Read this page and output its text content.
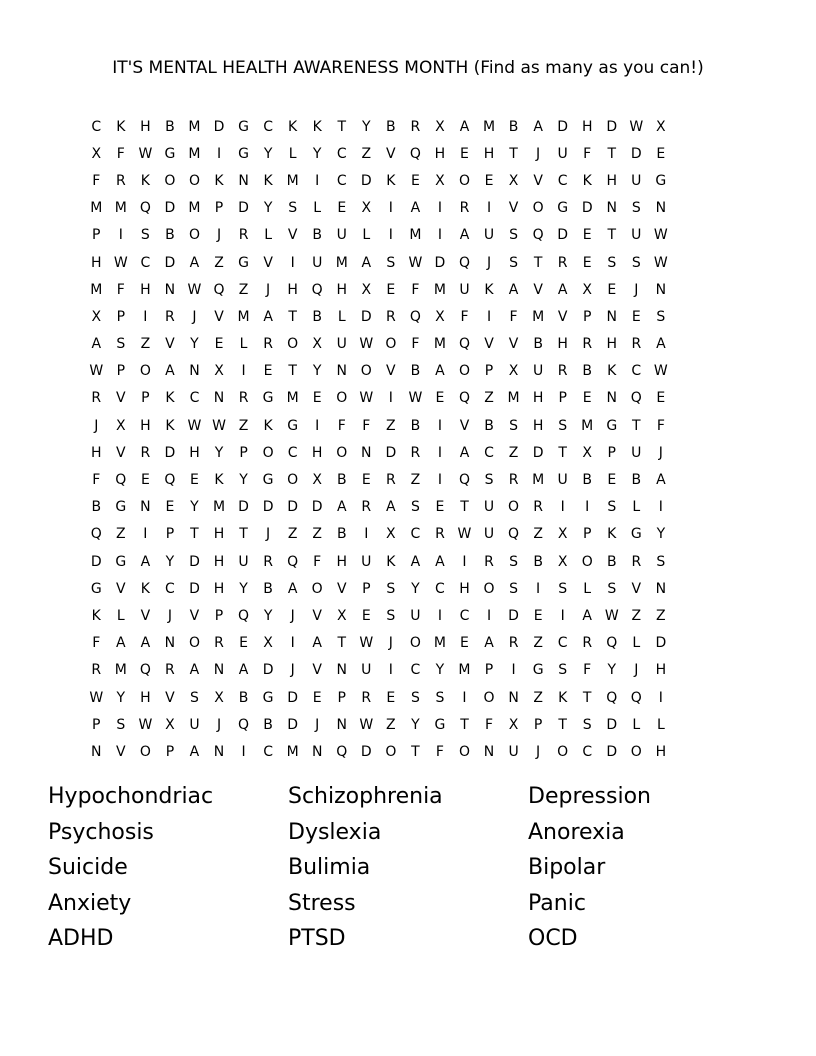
IT'S MENTAL HEALTH AWARENESS MONTH (Find as many as you can!)
C	K	H	B M D G	C	K	K	T	Y	B	R	X	A M B	A	D H D W X
X	F W G M	I	G	Y	L	Y	C	Z	V	Q H	E	H	T	J	U	F	T	D	E
F	R	K	O O	K	N	K M	I	C	D	K	E	X	O	E	X	V	C	K	H	U	G
M M Q D M	P	D	Y	S	L	E	X	I	A	I	R	I	V	O G D N	S	N
P	I	S	B	O	J	R	L	V	B	U	L	I	M	I	A	U	S	Q D	E	T	U W
H W C	D	A	Z	G	V	I	U M A	S W D Q	J	S	T	R	E	S	S W
M	F	H	N W Q	Z	J	H Q H	X	E	F	M U	K	A	V	A	X	E	J	N
X	P	I	R	J	V M A	T	B	L	D	R	Q	X	F	I	F	M V	P	N	E	S
A	S	Z	V	Y	E	L	R	O	X	U W O	F	M Q	V	V	B	H	R	H	R	A
W P	O	A	N	X	I	E	T	Y	N O	V	B	A	O	P	X	U	R	B	K	C W
R	V	P	K	C	N	R	G M	E	O W	I	W E	Q	Z M H	P	E	N Q	E
J	X	H	K W W Z	K	G	I	F	F	Z	B	I	V	B	S	H	S	M G	T	F
H	V	R	D H	Y	P	O	C	H O N D	R	I	A	C	Z	D	T	X	P	U	J
F	Q	E	Q	E	K	Y	G O	X	B	E	R	Z	I	Q	S	R M U	B	E	B	A
B	G N	E	Y	M D D D D	A	R	A	S	E	T	U O	R	I	I	S	L	I
Q	Z	I	P	T	H	T	J	Z	Z	B	I	X	C	R W U Q	Z	X	P	K	G	Y
D G	A	Y	D H	U	R	Q	F	H	U	K	A	A	I	R	S	B	X	O	B	R	S
G	V	K	C	D H	Y	B	A	O	V	P	S	Y	C	H O	S	I	S	L	S	V	N
K	L	V	J	V	P	Q	Y	J	V	X	E	S	U	I	C	I	D	E	I	A W Z	Z
F	A	A	N O	R	E	X	I	A	T W	J	O M	E	A	R	Z	C	R	Q	L	D
R M Q	R	A	N	A	D	J	V	N	U	I	C	Y	M	P	I	G	S	F	Y	J	H
W Y	H	V	S	X	B	G D	E	P	R	E	S	S	I	O N	Z	K	T	Q Q	I
P	S W X	U	J	Q	B	D	J	N W Z	Y	G	T	F	X	P	T	S	D	L	L
N	V	O	P	A	N	I	C M N Q D O	T	F	O N	U	J	O	C	D O H
Hypochondriac	Schizophrenia	Depression
Psychosis	Dyslexia	Anorexia
Suicide	Bulimia	Bipolar
Anxiety	Stress	Panic
ADHD	PTSD	OCD
